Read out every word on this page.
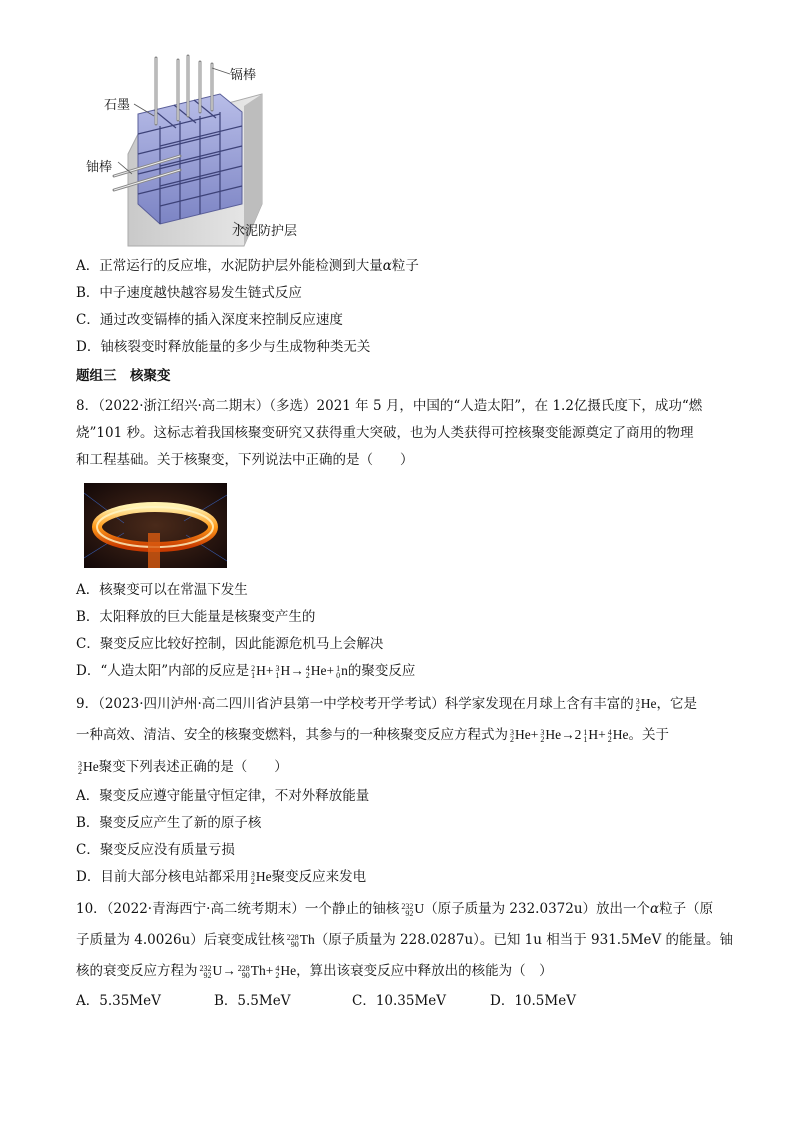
镉棒
石墨
铀棒
水泥防护层
A．正常运行的反应堆，水泥防护层外能检测到大量α粒子
B．中子速度越快越容易发生链式反应
C．通过改变镉棒的插入深度来控制反应速度
D．铀核裂变时释放能量的多少与生成物种类无关
题组三　核聚变
8．（2022·浙江绍兴·高二期末）（多选）2021 年 5 月，中国的“人造太阳”，在 1.2亿摄氏度下，成功“燃
烧”101 秒。这标志着我国核聚变研究又获得重大突破，也为人类获得可控核聚变能源奠定了商用的物理
和工程基础。关于核聚变，下列说法中正确的是（　　）
A．核聚变可以在常温下发生
B．太阳释放的巨大能量是核聚变产生的
C．聚变反应比较好控制，因此能源危机马上会解决
D．“人造太阳”内部的反应是 2
1 H+ 3
1 H→ 4
2 He+ 1
0 n的聚变反应
9．（2023·四川泸州·高二四川省泸县第一中学校考开学考试）科学家发现在月球上含有丰富的 3
2 He，它是
一种高效、清洁、安全的核聚变燃料，其参与的一种核聚变反应方程式为 3
2 He+ 3
2 He→2 1
1 H+ 4
2 He。关于
3
2 He聚变下列表述正确的是（　　）
A．聚变反应遵守能量守恒定律，不对外释放能量
B．聚变反应产生了新的原子核
C．聚变反应没有质量亏损
D．目前大部分核电站都采用 3
2 He聚变反应来发电
10．（2022·青海西宁·高二统考期末）一个静止的铀核 232
92 U（原子质量为 232.0372u）放出一个α粒子（原
子质量为 4.0026u）后衰变成钍核 228
90 Th（原子质量为 228.0287u）。已知 1u 相当于 931.5MeV 的能量。铀
核的衰变反应方程为 232
92 U→ 228
90 Th+ 4
2 He，算出该衰变反应中释放出的核能为（　）
A．5.35MeV	B．5.5MeV	C．10.35MeV	D．10.5MeV
